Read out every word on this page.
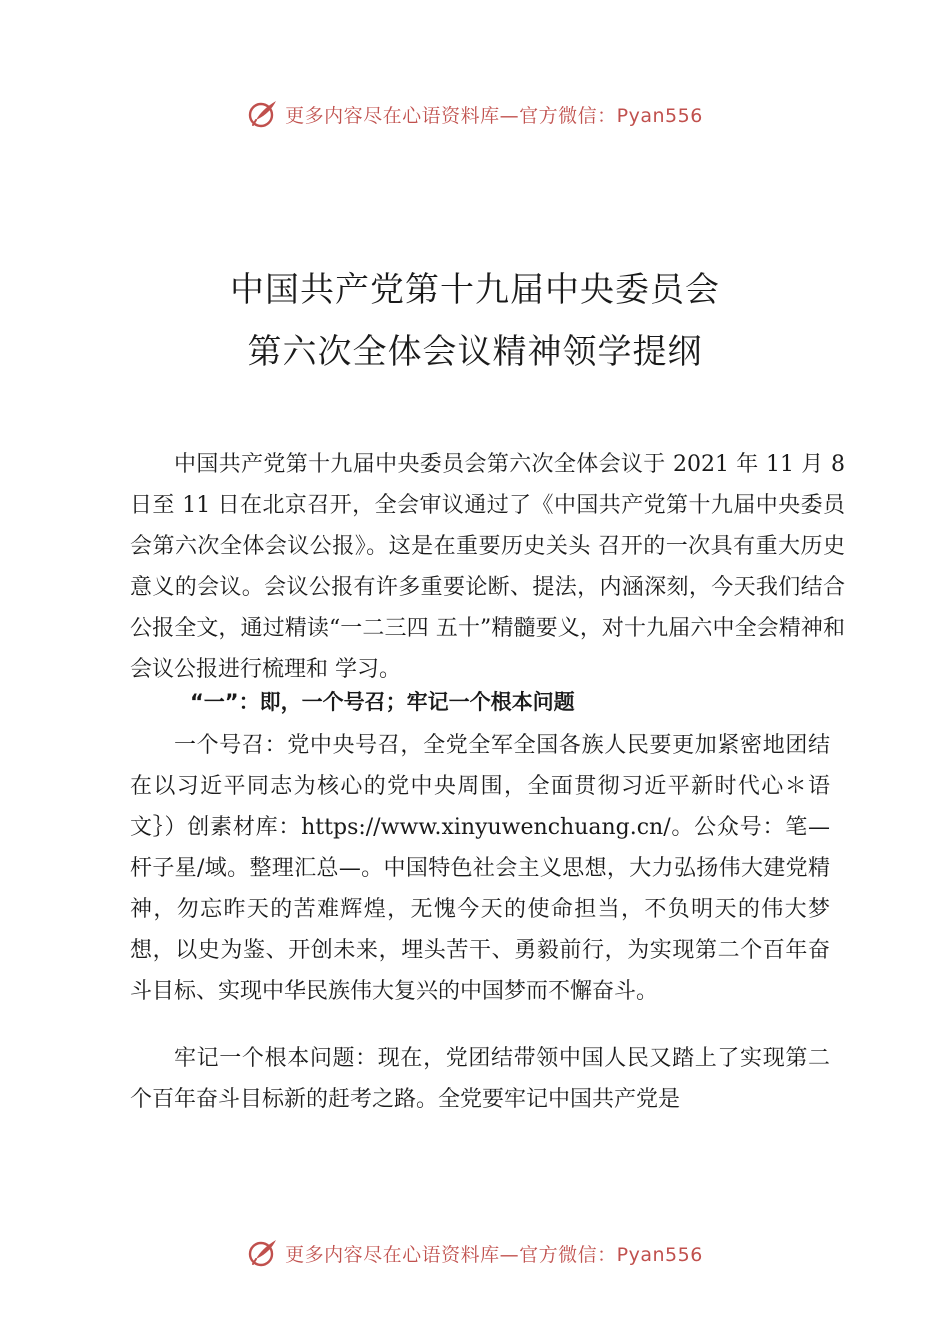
更多内容尽在心语资料库—官方微信：Pyan556
中国共产党第十九届中央委员会
第六次全体会议精神领学提纲

中国共产党第十九届中央委员会第六次全体会议于 2021 年 11 月 8 日至 11 日在北京召开，全会审议通过了《中国共产党第十九届中央委员会第六次全体会议公报》。这是在重要历史关头 召开的一次具有重大历史意义的会议。会议公报有许多重要论断、提法，内涵深刻，今天我们结合公报全文，通过精读“一二三四 五十”精髓要义，对十九届六中全会精神和会议公报进行梳理和 学习。

“一”：即，一个号召；牢记一个根本问题

一个号召：党中央号召，全党全军全国各族人民要更加紧密地团结在以习近平同志为核心的党中央周围，全面贯彻习近平新时代心＊语文｝）创素材库：https://www.xinyuwenchuang.cn/。公众号：笔—杆子星/域。整理汇总—。中国特色社会主义思想，大力弘扬伟大建党精神，勿忘昨天的苦难辉煌，无愧今天的使命担当，不负明天的伟大梦想，以史为鉴、开创未来，埋头苦干、勇毅前行，为实现第二个百年奋斗目标、实现中华民族伟大复兴的中国梦而不懈奋斗。

牢记一个根本问题：现在，党团结带领中国人民又踏上了实现第二个百年奋斗目标新的赶考之路。全党要牢记中国共产党是

更多内容尽在心语资料库—官方微信：Pyan556
